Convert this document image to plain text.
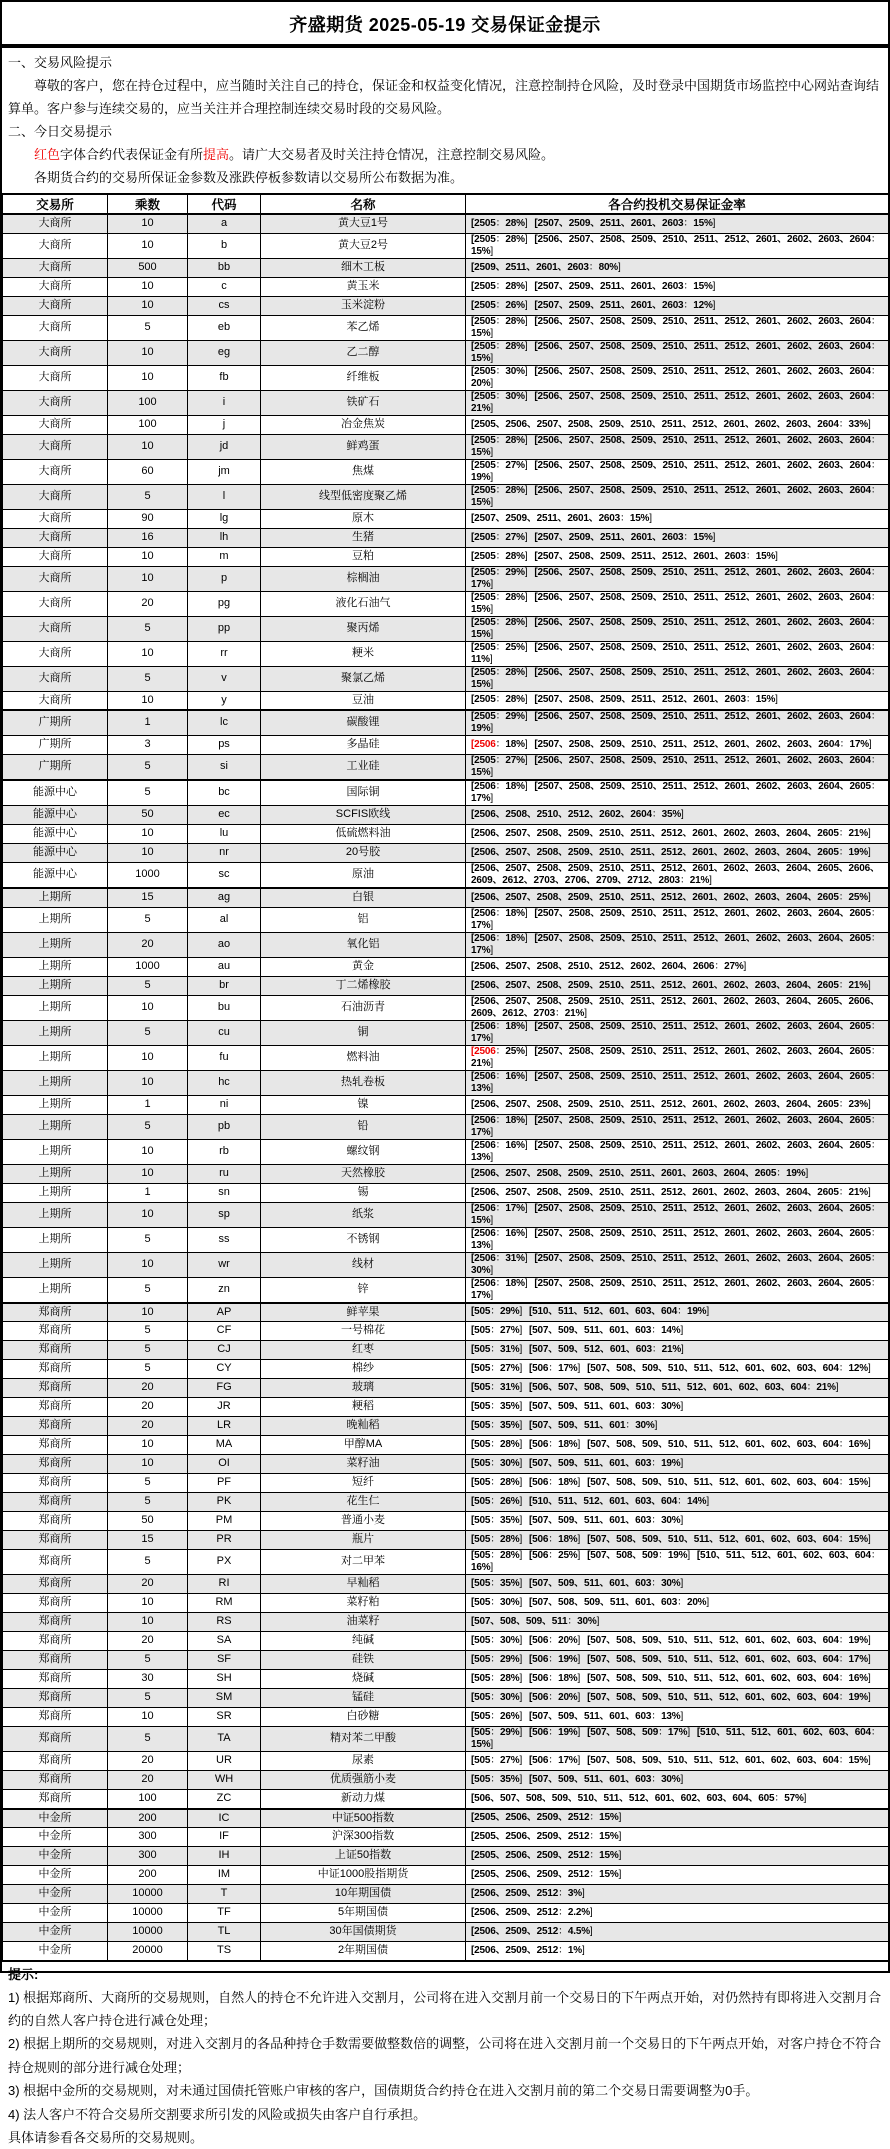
齐盛期货 2025-05-19 交易保证金提示
一、交易风险提示

尊敬的客户，您在持仓过程中，应当随时关注自己的持仓，保证金和权益变化情况，注意控制持仓风险，及时登录中国期货市场监控中心网站查询结算单。客户参与连续交易的，应当关注并合理控制连续交易时段的交易风险。

二、今日交易提示

红色字体合约代表保证金有所提高。请广大交易者及时关注持仓情况，注意控制交易风险。

各期货合约的交易所保证金参数及涨跌停板参数请以交易所公布数据为准。

交易所	乘数	代码	名称	各合约投机交易保证金率
大商所	10	a	黄大豆1号	[2505：28%] [2507、2509、2511、2601、2603：15%]
大商所	10	b	黄大豆2号	[2505：28%] [2506、2507、2508、2509、2510、2511、2512、2601、2602、2603、2604：15%]
大商所	500	bb	细木工板	[2509、2511、2601、2603：80%]
大商所	10	c	黄玉米	[2505：28%] [2507、2509、2511、2601、2603：15%]
大商所	10	cs	玉米淀粉	[2505：26%] [2507、2509、2511、2601、2603：12%]
大商所	5	eb	苯乙烯	[2505：28%] [2506、2507、2508、2509、2510、2511、2512、2601、2602、2603、2604：15%]
大商所	10	eg	乙二醇	[2505：28%] [2506、2507、2508、2509、2510、2511、2512、2601、2602、2603、2604：15%]
大商所	10	fb	纤维板	[2505：30%] [2506、2507、2508、2509、2510、2511、2512、2601、2602、2603、2604：20%]
大商所	100	i	铁矿石	[2505：30%] [2506、2507、2508、2509、2510、2511、2512、2601、2602、2603、2604：21%]
大商所	100	j	冶金焦炭	[2505、2506、2507、2508、2509、2510、2511、2512、2601、2602、2603、2604：33%]
大商所	10	jd	鲜鸡蛋	[2505：28%] [2506、2507、2508、2509、2510、2511、2512、2601、2602、2603、2604：15%]
大商所	60	jm	焦煤	[2505：27%] [2506、2507、2508、2509、2510、2511、2512、2601、2602、2603、2604：19%]
大商所	5	l	线型低密度聚乙烯	[2505：28%] [2506、2507、2508、2509、2510、2511、2512、2601、2602、2603、2604：15%]
大商所	90	lg	原木	[2507、2509、2511、2601、2603：15%]
大商所	16	lh	生猪	[2505：27%] [2507、2509、2511、2601、2603：15%]
大商所	10	m	豆粕	[2505：28%] [2507、2508、2509、2511、2512、2601、2603：15%]
大商所	10	p	棕榈油	[2505：29%] [2506、2507、2508、2509、2510、2511、2512、2601、2602、2603、2604：17%]
大商所	20	pg	液化石油气	[2505：28%] [2506、2507、2508、2509、2510、2511、2512、2601、2602、2603、2604：15%]
大商所	5	pp	聚丙烯	[2505：28%] [2506、2507、2508、2509、2510、2511、2512、2601、2602、2603、2604：15%]
大商所	10	rr	粳米	[2505：25%] [2506、2507、2508、2509、2510、2511、2512、2601、2602、2603、2604：11%]
大商所	5	v	聚氯乙烯	[2505：28%] [2506、2507、2508、2509、2510、2511、2512、2601、2602、2603、2604：15%]
大商所	10	y	豆油	[2505：28%] [2507、2508、2509、2511、2512、2601、2603：15%]
广期所	1	lc	碳酸锂	[2505：29%] [2506、2507、2508、2509、2510、2511、2512、2601、2602、2603、2604：19%]
广期所	3	ps	多晶硅	[2506：18%] [2507、2508、2509、2510、2511、2512、2601、2602、2603、2604：17%]
广期所	5	si	工业硅	[2505：27%] [2506、2507、2508、2509、2510、2511、2512、2601、2602、2603、2604：15%]
能源中心	5	bc	国际铜	[2506：18%] [2507、2508、2509、2510、2511、2512、2601、2602、2603、2604、2605：17%]
能源中心	50	ec	SCFIS欧线	[2506、2508、2510、2512、2602、2604：35%]
能源中心	10	lu	低硫燃料油	[2506、2507、2508、2509、2510、2511、2512、2601、2602、2603、2604、2605：21%]
能源中心	10	nr	20号胶	[2506、2507、2508、2509、2510、2511、2512、2601、2602、2603、2604、2605：19%]
能源中心	1000	sc	原油	[2506、2507、2508、2509、2510、2511、2512、2601、2602、2603、2604、2605、2606、2609、2612、2703、2706、2709、2712、2803：21%]
上期所	15	ag	白银	[2506、2507、2508、2509、2510、2511、2512、2601、2602、2603、2604、2605：25%]
上期所	5	al	铝	[2506：18%] [2507、2508、2509、2510、2511、2512、2601、2602、2603、2604、2605：17%]
上期所	20	ao	氧化铝	[2506：18%] [2507、2508、2509、2510、2511、2512、2601、2602、2603、2604、2605：17%]
上期所	1000	au	黄金	[2506、2507、2508、2510、2512、2602、2604、2606：27%]
上期所	5	br	丁二烯橡胶	[2506、2507、2508、2509、2510、2511、2512、2601、2602、2603、2604、2605：21%]
上期所	10	bu	石油沥青	[2506、2507、2508、2509、2510、2511、2512、2601、2602、2603、2604、2605、2606、2609、2612、2703：21%]
上期所	5	cu	铜	[2506：18%] [2507、2508、2509、2510、2511、2512、2601、2602、2603、2604、2605：17%]
上期所	10	fu	燃料油	[2506：25%] [2507、2508、2509、2510、2511、2512、2601、2602、2603、2604、2605：21%]
上期所	10	hc	热轧卷板	[2506：16%] [2507、2508、2509、2510、2511、2512、2601、2602、2603、2604、2605：13%]
上期所	1	ni	镍	[2506、2507、2508、2509、2510、2511、2512、2601、2602、2603、2604、2605：23%]
上期所	5	pb	铅	[2506：18%] [2507、2508、2509、2510、2511、2512、2601、2602、2603、2604、2605：17%]
上期所	10	rb	螺纹钢	[2506：16%] [2507、2508、2509、2510、2511、2512、2601、2602、2603、2604、2605：13%]
上期所	10	ru	天然橡胶	[2506、2507、2508、2509、2510、2511、2601、2603、2604、2605：19%]
上期所	1	sn	锡	[2506、2507、2508、2509、2510、2511、2512、2601、2602、2603、2604、2605：21%]
上期所	10	sp	纸浆	[2506：17%] [2507、2508、2509、2510、2511、2512、2601、2602、2603、2604、2605：15%]
上期所	5	ss	不锈钢	[2506：16%] [2507、2508、2509、2510、2511、2512、2601、2602、2603、2604、2605：13%]
上期所	10	wr	线材	[2506：31%] [2507、2508、2509、2510、2511、2512、2601、2602、2603、2604、2605：30%]
上期所	5	zn	锌	[2506：18%] [2507、2508、2509、2510、2511、2512、2601、2602、2603、2604、2605：17%]
郑商所	10	AP	鲜苹果	[505：29%] [510、511、512、601、603、604：19%]
郑商所	5	CF	一号棉花	[505：27%] [507、509、511、601、603：14%]
郑商所	5	CJ	红枣	[505：31%] [507、509、512、601、603：21%]
郑商所	5	CY	棉纱	[505：27%] [506：17%] [507、508、509、510、511、512、601、602、603、604：12%]
郑商所	20	FG	玻璃	[505：31%] [506、507、508、509、510、511、512、601、602、603、604：21%]
郑商所	20	JR	粳稻	[505：35%] [507、509、511、601、603：30%]
郑商所	20	LR	晚籼稻	[505：35%] [507、509、511、601：30%]
郑商所	10	MA	甲醇MA	[505：28%] [506：18%] [507、508、509、510、511、512、601、602、603、604：16%]
郑商所	10	OI	菜籽油	[505：30%] [507、509、511、601、603：19%]
郑商所	5	PF	短纤	[505：28%] [506：18%] [507、508、509、510、511、512、601、602、603、604：15%]
郑商所	5	PK	花生仁	[505：26%] [510、511、512、601、603、604：14%]
郑商所	50	PM	普通小麦	[505：35%] [507、509、511、601、603：30%]
郑商所	15	PR	瓶片	[505：28%] [506：18%] [507、508、509、510、511、512、601、602、603、604：15%]
郑商所	5	PX	对二甲苯	[505：28%] [506：25%] [507、508、509：19%] [510、511、512、601、602、603、604：16%]
郑商所	20	RI	早籼稻	[505：35%] [507、509、511、601、603：30%]
郑商所	10	RM	菜籽粕	[505：30%] [507、508、509、511、601、603：20%]
郑商所	10	RS	油菜籽	[507、508、509、511：30%]
郑商所	20	SA	纯碱	[505：30%] [506：20%] [507、508、509、510、511、512、601、602、603、604：19%]
郑商所	5	SF	硅铁	[505：29%] [506：19%] [507、508、509、510、511、512、601、602、603、604：17%]
郑商所	30	SH	烧碱	[505：28%] [506：18%] [507、508、509、510、511、512、601、602、603、604：16%]
郑商所	5	SM	锰硅	[505：30%] [506：20%] [507、508、509、510、511、512、601、602、603、604：19%]
郑商所	10	SR	白砂糖	[505：26%] [507、509、511、601、603：13%]
郑商所	5	TA	精对苯二甲酸	[505：29%] [506：19%] [507、508、509：17%] [510、511、512、601、602、603、604：15%]
郑商所	20	UR	尿素	[505：27%] [506：17%] [507、508、509、510、511、512、601、602、603、604：15%]
郑商所	20	WH	优质强筋小麦	[505：35%] [507、509、511、601、603：30%]
郑商所	100	ZC	新动力煤	[506、507、508、509、510、511、512、601、602、603、604、605：57%]
中金所	200	IC	中证500指数	[2505、2506、2509、2512：15%]
中金所	300	IF	沪深300指数	[2505、2506、2509、2512：15%]
中金所	300	IH	上证50指数	[2505、2506、2509、2512：15%]
中金所	200	IM	中证1000股指期货	[2505、2506、2509、2512：15%]
中金所	10000	T	10年期国债	[2506、2509、2512：3%]
中金所	10000	TF	5年期国债	[2506、2509、2512：2.2%]
中金所	10000	TL	30年国债期货	[2506、2509、2512：4.5%]
中金所	20000	TS	2年期国债	[2506、2509、2512：1%]
提示:
1) 根据郑商所、大商所的交易规则，自然人的持仓不允许进入交割月，公司将在进入交割月前一个交易日的下午两点开始，对仍然持有即将进入交割月合约的自然人客户持仓进行减仓处理；
2) 根据上期所的交易规则，对进入交割月的各品种持仓手数需要做整数倍的调整，公司将在进入交割月前一个交易日的下午两点开始，对客户持仓不符合持仓规则的部分进行减仓处理；
3) 根据中金所的交易规则，对未通过国债托管账户审核的客户，国债期货合约持仓在进入交割月前的第二个交易日需要调整为0手。
4) 法人客户不符合交易所交割要求所引发的风险或损失由客户自行承担。
具体请参看各交易所的交易规则。
